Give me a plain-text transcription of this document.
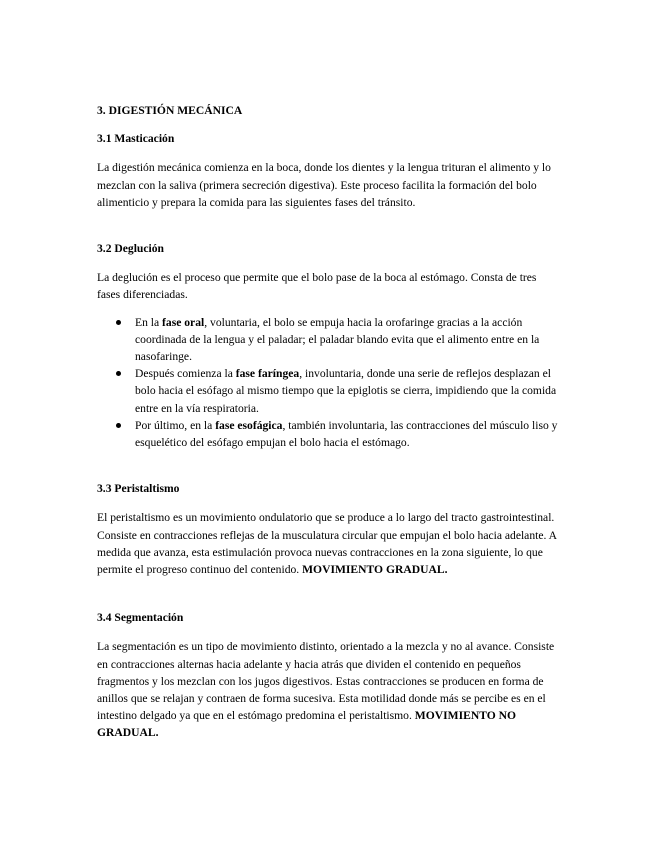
3. DIGESTIÓN MECÁNICA
3.1 Masticación

La digestión mecánica comienza en la boca, donde los dientes y la lengua trituran el alimento y lo mezclan con la saliva (primera secreción digestiva). Este proceso facilita la formación del bolo alimenticio y prepara la comida para las siguientes fases del tránsito.

3.2 Deglución

La deglución es el proceso que permite que el bolo pase de la boca al estómago. Consta de tres fases diferenciadas.

En la fase oral, voluntaria, el bolo se empuja hacia la orofaringe gracias a la acción coordinada de la lengua y el paladar; el paladar blando evita que el alimento entre en la nasofaringe.
Después comienza la fase faríngea, involuntaria, donde una serie de reflejos desplazan el bolo hacia el esófago al mismo tiempo que la epiglotis se cierra, impidiendo que la comida entre en la vía respiratoria.
Por último, en la fase esofágica, también involuntaria, las contracciones del músculo liso y esquelético del esófago empujan el bolo hacia el estómago.
3.3 Peristaltismo

El peristaltismo es un movimiento ondulatorio que se produce a lo largo del tracto gastrointestinal. Consiste en contracciones reflejas de la musculatura circular que empujan el bolo hacia adelante. A medida que avanza, esta estimulación provoca nuevas contracciones en la zona siguiente, lo que permite el progreso continuo del contenido. MOVIMIENTO GRADUAL.

3.4 Segmentación

La segmentación es un tipo de movimiento distinto, orientado a la mezcla y no al avance. Consiste en contracciones alternas hacia adelante y hacia atrás que dividen el contenido en pequeños fragmentos y los mezclan con los jugos digestivos. Estas contracciones se producen en forma de anillos que se relajan y contraen de forma sucesiva. Esta motilidad donde más se percibe es en el intestino delgado ya que en el estómago predomina el peristaltismo. MOVIMIENTO NO GRADUAL.
